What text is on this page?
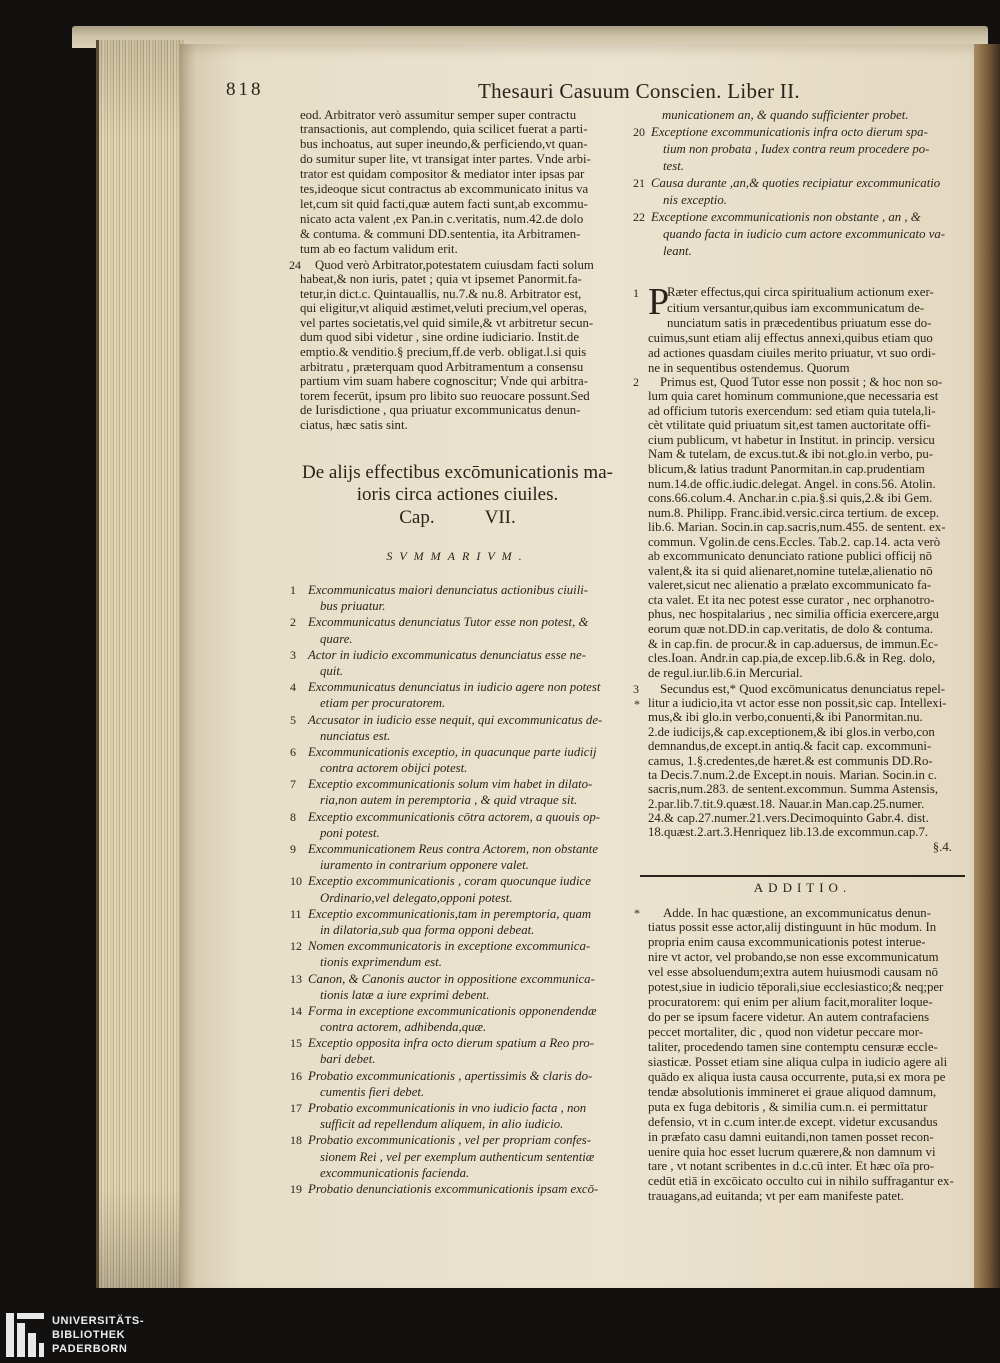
818	Thesauri Casuum Conscien. Liber II.
eod. Arbitrator verò assumitur semper super contractu
transactionis, aut complendo, quia scilicet fuerat a parti-
bus inchoatus, aut super ineundo,& perficiendo,vt quan-
do sumitur super lite, vt transigat inter partes. Vnde arbi-
trator est quidam compositor & mediator inter ipsas par
tes,ideoque sicut contractus ab excommunicato initus va
let,cum sit quid facti,quæ autem facti sunt,ab excommu-
nicato acta valent ,ex Pan.in c.veritatis, num.42.de dolo
& contuma. & communi DD.sententia, ita Arbitramen-
tum ab eo factum validum erit.
24	Quod verò Arbitrator,potestatem cuiusdam facti solum
habeat,& non iuris, patet ; quia vt ipsemet Panormit.fa-
tetur,in dict.c. Quintauallis, nu.7.& nu.8. Arbitrator est,
qui eligitur,vt aliquid æstimet,veluti precium,vel operas,
vel partes societatis,vel quid simile,& vt arbitretur secun-
dum quod sibi videtur , sine ordine iudiciario. Instit.de
emptio.& venditio.§ precium,ff.de verb. obligat.l.si quis
arbitratu , præterquam quod Arbitramentum a consensu
partium vim suam habere cognoscitur; Vnde qui arbitra-
torem fecerūt, ipsum pro libito suo reuocare possunt.Sed
de Iurisdictione , qua priuatur excommunicatus denun-
ciatus, hæc satis sint.
De alijs effectibus excōmunicationis ma-
ioris circa actiones ciuiles.
Cap.	VII.
SVMMARIVM.
1 Excommunicatus maiori denunciatus actionibus ciuili-
bus priuatur.
2 Excommunicatus denunciatus Tutor esse non potest, &
quare.
3 Actor in iudicio excommunicatus denunciatus esse ne-
quit.
4 Excommunicatus denunciatus in iudicio agere non potest
etiam per procuratorem.
5 Accusator in iudicio esse nequit, qui excommunicatus de-
nunciatus est.
6 Excommunicationis exceptio, in quacunque parte iudicij
contra actorem obijci potest.
7 Exceptio excommunicationis solum vim habet in dilato-
ria,non autem in peremptoria , & quid vtraque sit.
8 Exceptio excommunicationis cōtra actorem, a quouis op-
poni potest.
9 Excommunicationem Reus contra Actorem, non obstante
iuramento in contrarium opponere valet.
10 Exceptio excommunicationis , coram quocunque iudice
Ordinario,vel delegato,opponi potest.
11 Exceptio excommunicationis,tam in peremptoria, quam
in dilatoria,sub qua forma opponi debeat.
12 Nomen excommunicatoris in exceptione excommunica-
tionis exprimendum est.
13 Canon, & Canonis auctor in oppositione excommunica-
tionis latæ a iure exprimi debent.
14 Forma in exceptione excommunicationis opponendendæ
contra actorem, adhibenda,quæ.
15 Exceptio opposita infra octo dierum spatium a Reo pro-
bari debet.
16 Probatio excommunicationis , apertissimis & claris do-
cumentis fieri debet.
17 Probatio excommunicationis in vno iudicio facta , non
sufficit ad repellendum aliquem, in alio iudicio.
18 Probatio excommunicationis , vel per propriam confes-
sionem Rei , vel per exemplum authenticum sententiæ
excommunicationis facienda.
19 Probatio denunciationis excommunicationis ipsam excō-
municationem an, & quando sufficienter probet.
20 Exceptione excommunicationis infra octo dierum spa-
tium non probata , Iudex contra reum procedere po-
test.
21 Causa durante ,an,& quoties recipiatur excommunicatio
nis exceptio.
22 Exceptione excommunicationis non obstante , an , &
quando facta in iudicio cum actore excommunicato va-
leant.
1 P
Ræter effectus,qui circa spiritualium actionum exer-
citium versantur,quibus iam excommunicatum de-
nunciatum satis in præcedentibus priuatum esse do-
cuimus,sunt etiam alij effectus annexi,quibus etiam quo
ad actiones quasdam ciuiles merito priuatur, vt suo ordi-
ne in sequentibus ostendemus. Quorum
2	Primus est, Quod Tutor esse non possit ; & hoc non so-
lum quia caret hominum communione,que necessaria est
ad officium tutoris exercendum: sed etiam quia tutela,li-
cèt vtilitate quid priuatum sit,est tamen auctoritate offi-
cium publicum, vt habetur in Institut. in princip. versicu
Nam & tutelam, de excus.tut.& ibi not.glo.in verbo, pu-
blicum,& latius tradunt Panormitan.in cap.prudentiam
num.14.de offic.iudic.delegat. Angel. in cons.56. Atolin.
cons.66.colum.4. Anchar.in c.pia.§.si quis,2.& ibi Gem.
num.8. Philipp. Franc.ibid.versic.circa tertium. de excep.
lib.6. Marian. Socin.in cap.sacris,num.455. de sentent. ex-
commun. Vgolin.de cens.Eccles. Tab.2. cap.14. acta verò
ab excommunicato denunciato ratione publici officij nō
valent,& ita si quid alienaret,nomine tutelæ,alienatio nō
valeret,sicut nec alienatio a prælato excommunicato fa-
cta valet. Et ita nec potest esse curator , nec orphanotro-
phus, nec hospitalarius , nec similia officia exercere,argu
eorum quæ not.DD.in cap.veritatis, de dolo & contuma.
& in cap.fin. de procur.& in cap.aduersus, de immun.Ec-
cles.Ioan. Andr.in cap.pia,de excep.lib.6.& in Reg. dolo,
de regul.iur.lib.6.in Mercurial.
3
*
Secundus est,* Quod excōmunicatus denunciatus repel-
litur a iudicio,ita vt actor esse non possit,sic cap. Intellexi-
mus,& ibi glo.in verbo,conuenti,& ibi Panormitan.nu.
2.de iudicijs,& cap.exceptionem,& ibi glos.in verbo,con
demnandus,de except.in antiq.& facit cap. excommuni-
camus, 1.§.credentes,de hæret.& est communis DD.Ro-
ta Decis.7.num.2.de Except.in nouis. Marian. Socin.in c.
sacris,num.283. de sentent.excommun. Summa Astensis,
2.par.lib.7.tit.9.quæst.18. Nauar.in Man.cap.25.numer.
24.& cap.27.numer.21.vers.Decimoquinto Gabr.4. dist.
18.quæst.2.art.3.Henriquez lib.13.de excommun.cap.7.
§.4.
ADDITIO.
*	Adde. In hac quæstione, an excommunicatus denun-
tiatus possit esse actor,alij distinguunt in hūc modum. In
propria enim causa excommunicationis potest interue-
nire vt actor, vel probando,se non esse excommunicatum
vel esse absoluendum;extra autem huiusmodi causam nō
potest,siue in iudicio tēporali,siue ecclesiastico;& neq;per
procuratorem: qui enim per alium facit,moraliter loque-
do per se ipsum facere videtur. An autem contrafaciens
peccet mortaliter, dic , quod non videtur peccare mor-
taliter, procedendo tamen sine contemptu censuræ eccle-
siasticæ. Posset etiam sine aliqua culpa in iudicio agere ali
quādo ex aliqua iusta causa occurrente, puta,si ex mora pe
tendæ absolutionis immineret ei graue aliquod damnum,
puta ex fuga debitoris , & similia cum.n. ei permittatur
defensio, vt in c.cum inter.de except. videtur excusandus
in præfato casu damni euitandi,non tamen posset recon-
uenire quia hoc esset lucrum quærere,& non damnum vi
tare , vt notant scribentes in d.c.cū inter. Et hæc oīa pro-
cedūt etiā in excōicato occulto cui in nihilo suffragantur ex-
trauagans,ad euitanda; vt per eam manifeste patet.
UNIVERSITÄTS-
BIBLIOTHEK
PADERBORN
